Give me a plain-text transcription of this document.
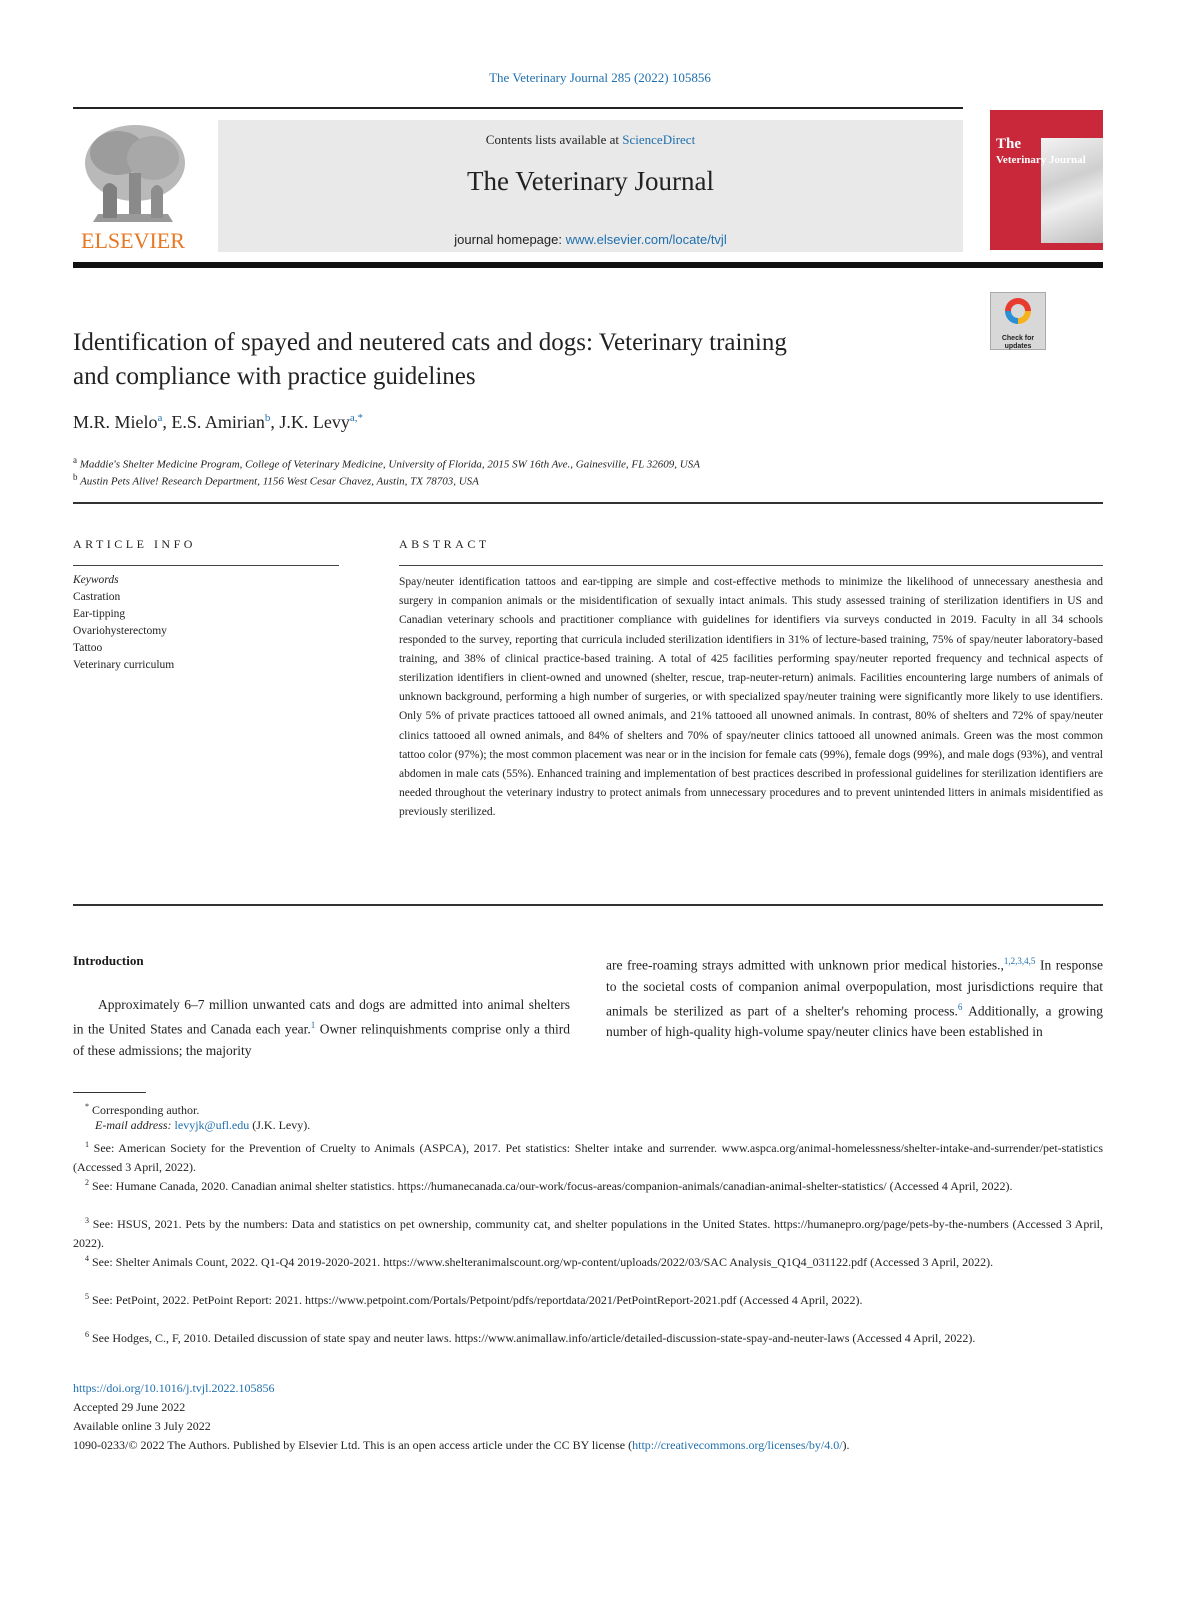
The Veterinary Journal 285 (2022) 105856
ELSEVIER
Contents lists available at ScienceDirect
The Veterinary Journal
journal homepage: www.elsevier.com/locate/tvjl
The
Veterinary Journal
Check for updates
Identification of spayed and neutered cats and dogs: Veterinary training
and compliance with practice guidelines
M.R. Mielo$^a$, E.S. Amirian$^b$, J.K. Levy$^{a,*}$
$^a$ Maddie's Shelter Medicine Program, College of Veterinary Medicine, University of Florida, 2015 SW 16th Ave., Gainesville, FL 32609, USA
$^b$ Austin Pets Alive! Research Department, 1156 West Cesar Chavez, Austin, TX 78703, USA
ARTICLE INFO	ABSTRACT
Keywords
Castration
Ear-tipping
Ovariohysterectomy
Tattoo
Veterinary curriculum
Spay/neuter identification tattoos and ear-tipping are simple and cost-effective methods to minimize the likelihood of unnecessary anesthesia and surgery in companion animals or the misidentification of sexually intact animals. This study assessed training of sterilization identifiers in US and Canadian veterinary schools and practitioner compliance with guidelines for identifiers via surveys conducted in 2019. Faculty in all 34 schools responded to the survey, reporting that curricula included sterilization identifiers in 31% of lecture-based training, 75% of spay/neuter laboratory-based training, and 38% of clinical practice-based training. A total of 425 facilities performing spay/neuter reported frequency and technical aspects of sterilization identifiers in client-owned and unowned (shelter, rescue, trap-neuter-return) animals. Facilities encountering large numbers of animals of unknown background, performing a high number of surgeries, or with specialized spay/neuter training were significantly more likely to use identifiers. Only 5% of private practices tattooed all owned animals, and 21% tattooed all unowned animals. In contrast, 80% of shelters and 72% of spay/neuter clinics tattooed all owned animals, and 84% of shelters and 70% of spay/neuter clinics tattooed all unowned animals. Green was the most common tattoo color (97%); the most common placement was near or in the incision for female cats (99%), female dogs (99%), and male dogs (93%), and ventral abdomen in male cats (55%). Enhanced training and implementation of best practices described in professional guidelines for sterilization identifiers are needed throughout the veterinary industry to protect animals from unnecessary procedures and to prevent unintended litters in animals misidentified as previously sterilized.
Introduction
Approximately 6–7 million unwanted cats and dogs are admitted into animal shelters in the United States and Canada each year.$^1$ Owner relinquishments comprise only a third of these admissions; the majority
are free-roaming strays admitted with unknown prior medical histories.,$^{1,2,3,4,5}$ In response to the societal costs of companion animal overpopulation, most jurisdictions require that animals be sterilized as part of a shelter's rehoming process.$^6$ Additionally, a growing number of high-quality high-volume spay/neuter clinics have been established in
* Corresponding author.
E-mail address: levyjk@ufl.edu (J.K. Levy).
$^1$ See: American Society for the Prevention of Cruelty to Animals (ASPCA), 2017. Pet statistics: Shelter intake and surrender. www.aspca.org/animal-homelessness/shelter-intake-and-surrender/pet-statistics (Accessed 3 April, 2022).
$^2$ See: Humane Canada, 2020. Canadian animal shelter statistics. https://humanecanada.ca/our-work/focus-areas/companion-animals/canadian-animal-shelter-statistics/ (Accessed 4 April, 2022).
$^3$ See: HSUS, 2021. Pets by the numbers: Data and statistics on pet ownership, community cat, and shelter populations in the United States. https://humanepro.org/page/pets-by-the-numbers (Accessed 3 April, 2022).
$^4$ See: Shelter Animals Count, 2022. Q1-Q4 2019-2020-2021. https://www.shelteranimalscount.org/wp-content/uploads/2022/03/SAC Analysis_Q1Q4_031122.pdf (Accessed 3 April, 2022).
$^5$ See: PetPoint, 2022. PetPoint Report: 2021. https://www.petpoint.com/Portals/Petpoint/pdfs/reportdata/2021/PetPointReport-2021.pdf (Accessed 4 April, 2022).
$^6$ See Hodges, C., F, 2010. Detailed discussion of state spay and neuter laws. https://www.animallaw.info/article/detailed-discussion-state-spay-and-neuter-laws (Accessed 4 April, 2022).
https://doi.org/10.1016/j.tvjl.2022.105856
Accepted 29 June 2022
Available online 3 July 2022
1090-0233/© 2022 The Authors. Published by Elsevier Ltd. This is an open access article under the CC BY license (http://creativecommons.org/licenses/by/4.0/).
